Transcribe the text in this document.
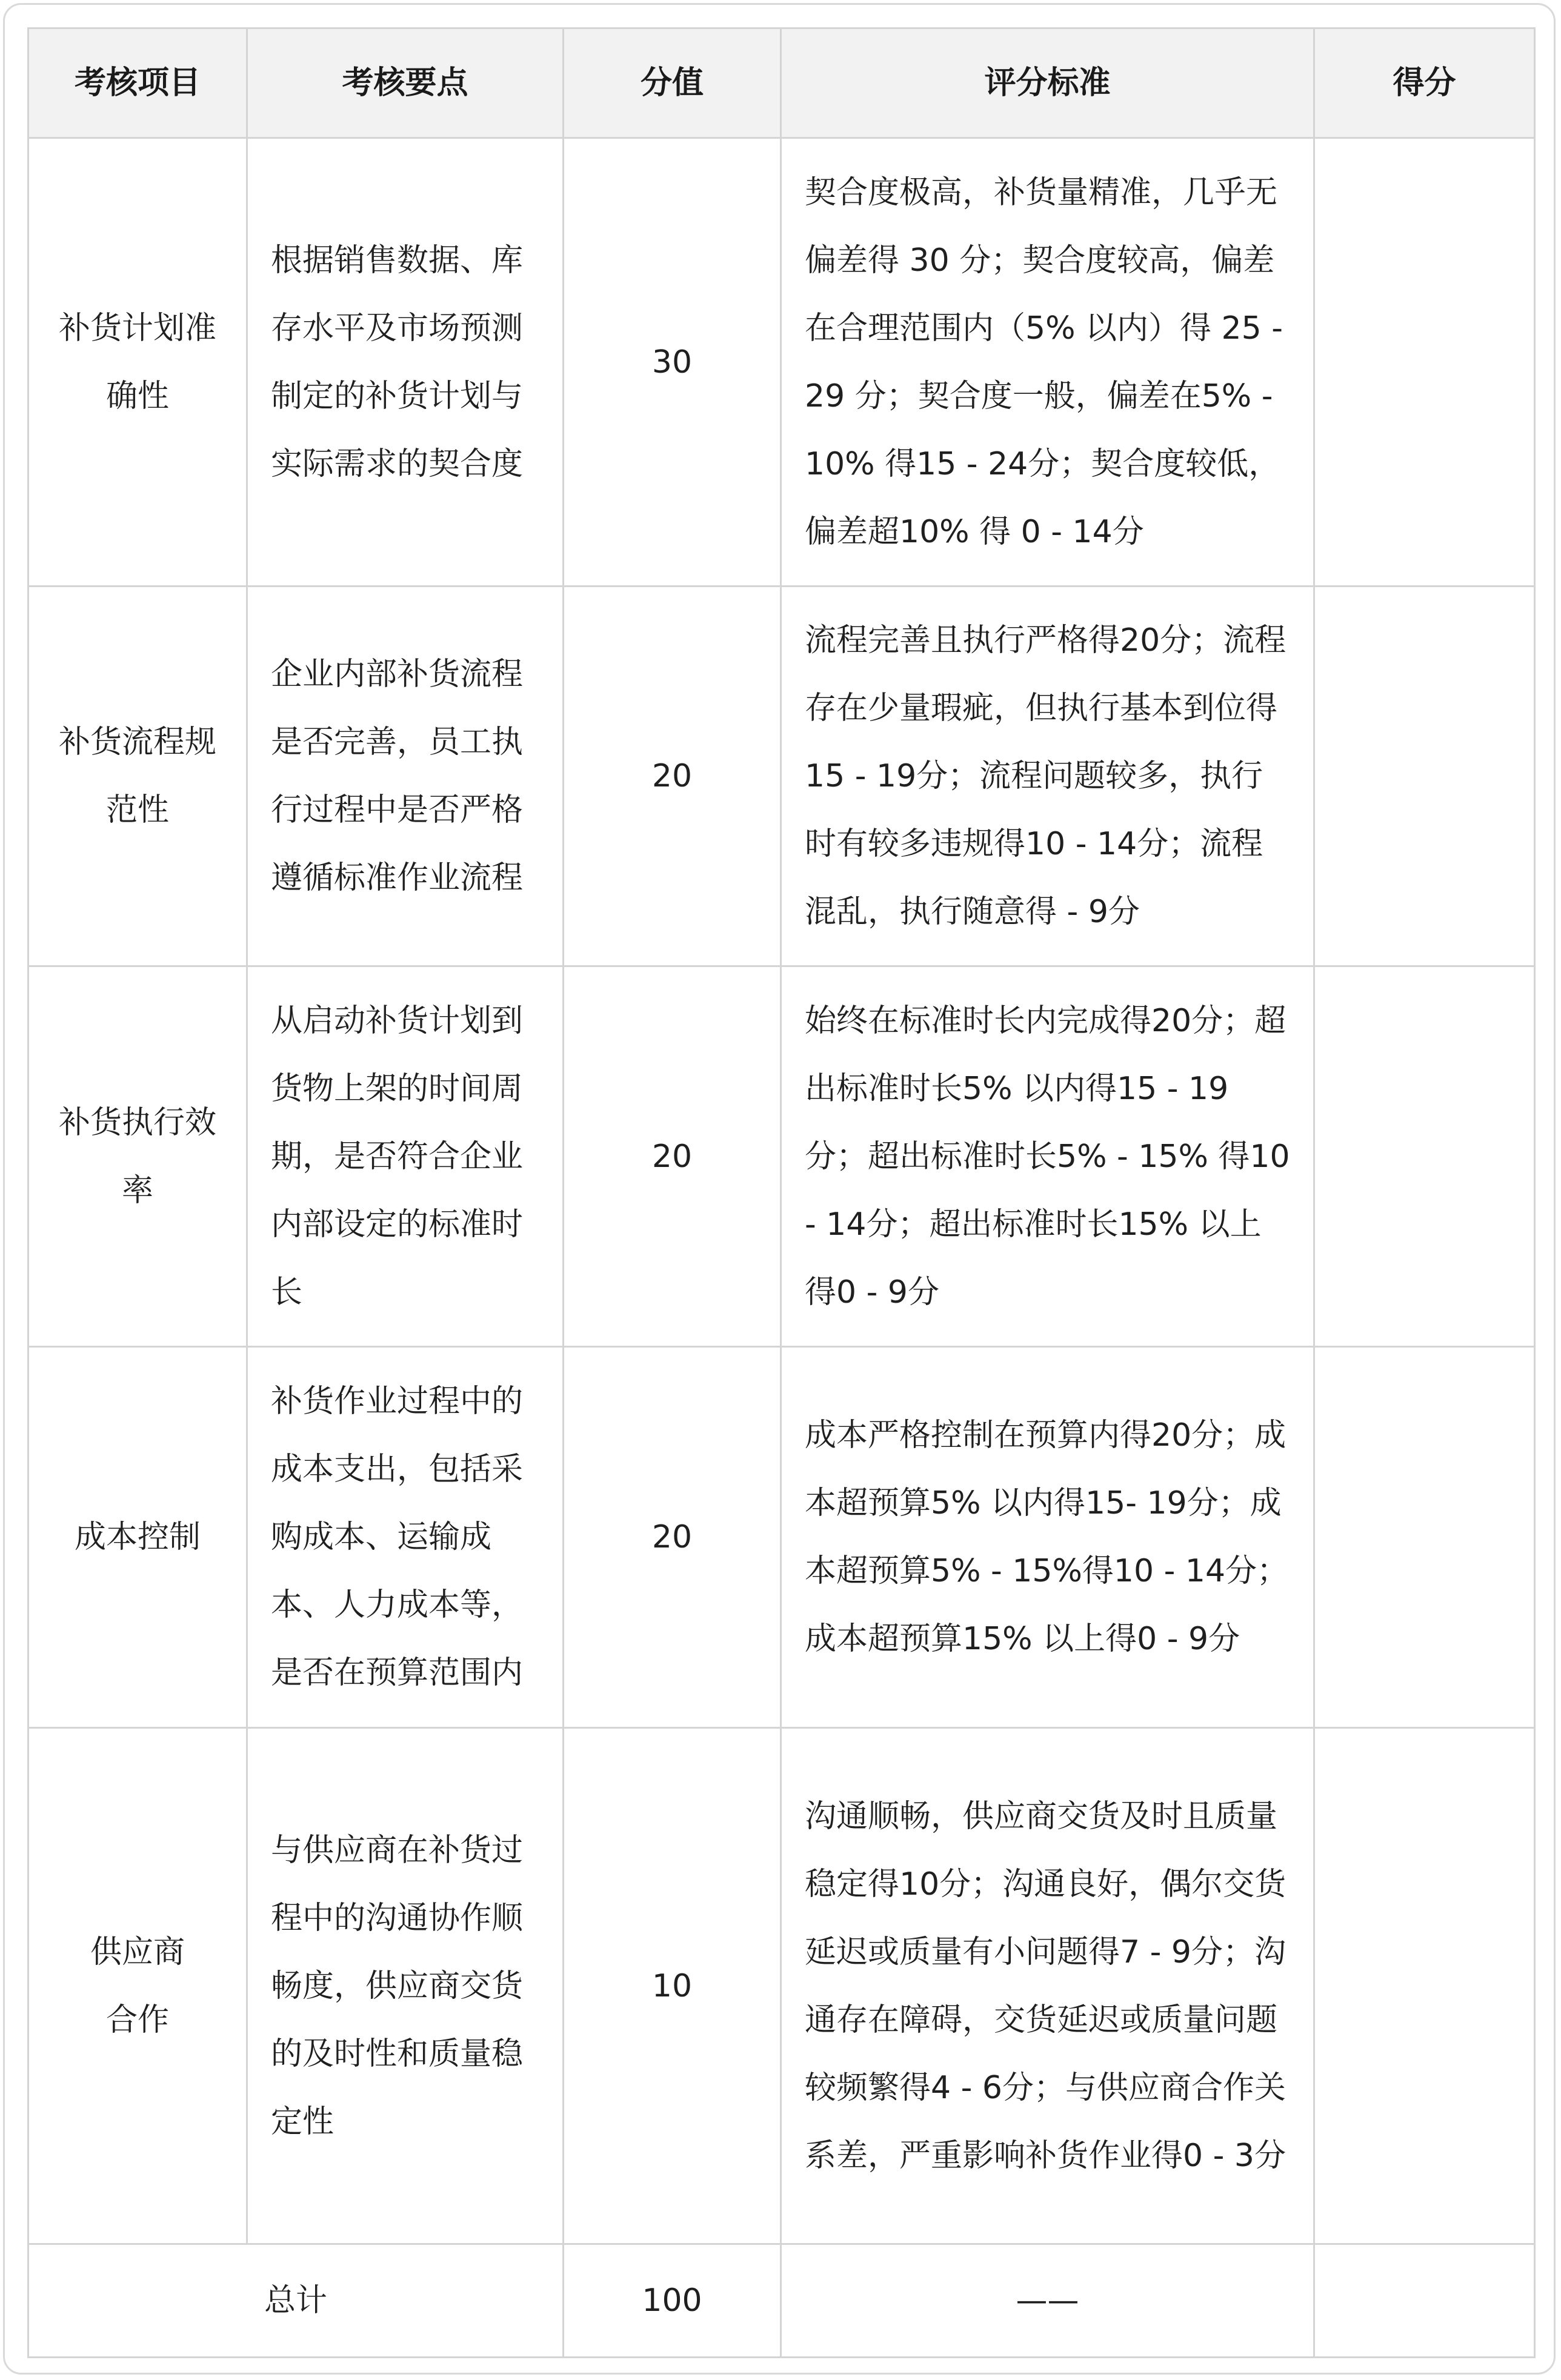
考核项目	考核要点	分值	评分标准	得分
补货计划准确性	根据销售数据、库存水平及市场预测制定的补货计划与实际需求的契合度	30	契合度极高，补货量精准，几乎无偏差得 30 分；契合度较高，偏差在合理范围内（5% 以内）得 25 - 29 分；契合度一般，偏差在5% - 10% 得15 - 24分；契合度较低，偏差超10% 得 0 - 14分	
补货流程规范性	企业内部补货流程是否完善，员工执行过程中是否严格遵循标准作业流程	20	流程完善且执行严格得20分；流程存在少量瑕疵，但执行基本到位得 15 - 19分；流程问题较多，执行时有较多违规得10 - 14分；流程混乱，执行随意得 - 9分	
补货执行效率	从启动补货计划到货物上架的时间周期，是否符合企业内部设定的标准时长	20	始终在标准时长内完成得20分；超出标准时长5% 以内得15 - 19分；超出标准时长5% - 15% 得10 - 14分；超出标准时长15% 以上得0 - 9分	
成本控制	补货作业过程中的成本支出，包括采购成本、运输成本、人力成本等，是否在预算范围内	20	成本严格控制在预算内得20分；成本超预算5% 以内得15- 19分；成本超预算5% - 15%得10 - 14分；成本超预算15% 以上得0 - 9分	
供应商合作	与供应商在补货过程中的沟通协作顺畅度，供应商交货的及时性和质量稳定性	10	沟通顺畅，供应商交货及时且质量稳定得10分；沟通良好，偶尔交货延迟或质量有小问题得7 - 9分；沟通存在障碍，交货延迟或质量问题较频繁得4 - 6分；与供应商合作关系差，严重影响补货作业得0 - 3分	
总计		100	——	
